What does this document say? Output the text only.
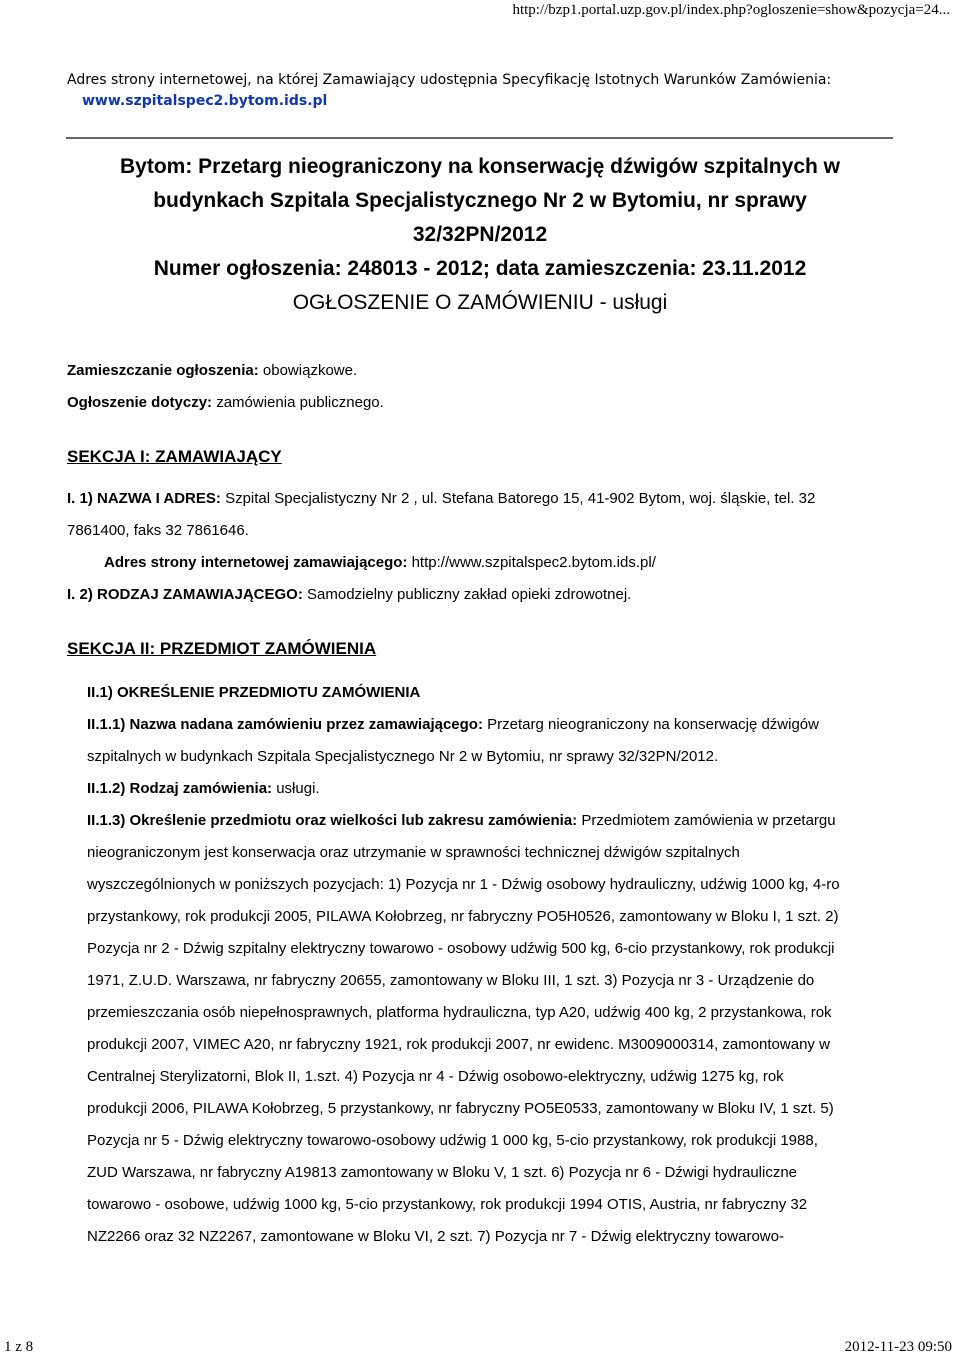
http://bzp1.portal.uzp.gov.pl/index.php?ogloszenie=show&pozycja=24...
Adres strony internetowej, na której Zamawiający udostępnia Specyfikację Istotnych Warunków Zamówienia:
www.szpitalspec2.bytom.ids.pl
Bytom: Przetarg nieograniczony na konserwację dźwigów szpitalnych w
budynkach Szpitala Specjalistycznego Nr 2 w Bytomiu, nr sprawy
32/32PN/2012
Numer ogłoszenia: 248013 - 2012; data zamieszczenia: 23.11.2012
OGŁOSZENIE O ZAMÓWIENIU - usługi
Zamieszczanie ogłoszenia: obowiązkowe.
Ogłoszenie dotyczy: zamówienia publicznego.
SEKCJA I: ZAMAWIAJĄCY
I. 1) NAZWA I ADRES: Szpital Specjalistyczny Nr 2 , ul. Stefana Batorego 15, 41-902 Bytom, woj. śląskie, tel. 32
7861400, faks 32 7861646.
Adres strony internetowej zamawiającego: http://www.szpitalspec2.bytom.ids.pl/
I. 2) RODZAJ ZAMAWIAJĄCEGO: Samodzielny publiczny zakład opieki zdrowotnej.
SEKCJA II: PRZEDMIOT ZAMÓWIENIA
II.1) OKREŚLENIE PRZEDMIOTU ZAMÓWIENIA
II.1.1) Nazwa nadana zamówieniu przez zamawiającego: Przetarg nieograniczony na konserwację dźwigów
szpitalnych w budynkach Szpitala Specjalistycznego Nr 2 w Bytomiu, nr sprawy 32/32PN/2012.
II.1.2) Rodzaj zamówienia: usługi.
II.1.3) Określenie przedmiotu oraz wielkości lub zakresu zamówienia: Przedmiotem zamówienia w przetargu
nieograniczonym jest konserwacja oraz utrzymanie w sprawności technicznej dźwigów szpitalnych
wyszczególnionych w poniższych pozycjach: 1) Pozycja nr 1 - Dźwig osobowy hydrauliczny, udźwig 1000 kg, 4-ro
przystankowy, rok produkcji 2005, PILAWA Kołobrzeg, nr fabryczny PO5H0526, zamontowany w Bloku I, 1 szt. 2)
Pozycja nr 2 - Dźwig szpitalny elektryczny towarowo - osobowy udźwig 500 kg, 6-cio przystankowy, rok produkcji
1971, Z.U.D. Warszawa, nr fabryczny 20655, zamontowany w Bloku III, 1 szt. 3) Pozycja nr 3 - Urządzenie do
przemieszczania osób niepełnosprawnych, platforma hydrauliczna, typ A20, udźwig 400 kg, 2 przystankowa, rok
produkcji 2007, VIMEC A20, nr fabryczny 1921, rok produkcji 2007, nr ewidenc. M3009000314, zamontowany w
Centralnej Sterylizatorni, Blok II, 1.szt. 4) Pozycja nr 4 - Dźwig osobowo-elektryczny, udźwig 1275 kg, rok
produkcji 2006, PILAWA Kołobrzeg, 5 przystankowy, nr fabryczny PO5E0533, zamontowany w Bloku IV, 1 szt. 5)
Pozycja nr 5 - Dźwig elektryczny towarowo-osobowy udźwig 1 000 kg, 5-cio przystankowy, rok produkcji 1988,
ZUD Warszawa, nr fabryczny A19813 zamontowany w Bloku V, 1 szt. 6) Pozycja nr 6 - Dźwigi hydrauliczne
towarowo - osobowe, udźwig 1000 kg, 5-cio przystankowy, rok produkcji 1994 OTIS, Austria, nr fabryczny 32
NZ2266 oraz 32 NZ2267, zamontowane w Bloku VI, 2 szt. 7) Pozycja nr 7 - Dźwig elektryczny towarowo-
1 z 8	2012-11-23 09:50
